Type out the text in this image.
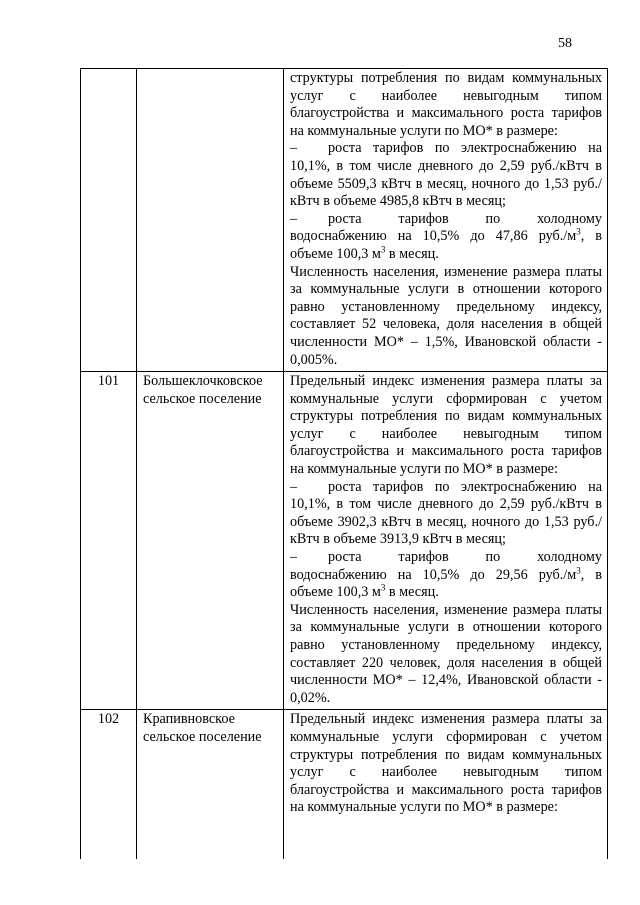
58

		структуры потребления по видам коммунальных услуг с наиболее невыгодным типом благоустройства и максимального роста тарифов на коммунальные услуги по МО* в размере:

– роста тарифов по электроснабжению на 10,1%, в том числе дневного до 2,59 руб./кВтч в объеме 5509,3 кВтч в месяц, ночного до 1,53 руб./кВтч в объеме 4985,8 кВтч в месяц;

– роста тарифов по холодному водоснабжению на 10,5% до 47,86 $руб./м^3$, в объеме 100,3 $м^3$ в месяц.

Численность населения, изменение размера платы за коммунальные услуги в отношении которого равно установленному предельному индексу, составляет 52 человека, доля населения в общей численности МО* – 1,5%, Ивановской области - 0,005%.

101	Большеклочковское сельское поселение	Предельный индекс изменения размера платы за коммунальные услуги сформирован с учетом структуры потребления по видам коммунальных услуг с наиболее невыгодным типом благоустройства и максимального роста тарифов на коммунальные услуги по МО* в размере:

– роста тарифов по электроснабжению на 10,1%, в том числе дневного до 2,59 руб./кВтч в объеме 3902,3 кВтч в месяц, ночного до 1,53 руб./кВтч в объеме 3913,9 кВтч в месяц;

– роста тарифов по холодному водоснабжению на 10,5% до 29,56 $руб./м^3$, в объеме 100,3 $м^3$ в месяц.

Численность населения, изменение размера платы за коммунальные услуги в отношении которого равно установленному предельному индексу, составляет 220 человек, доля населения в общей численности МО* – 12,4%, Ивановской области - 0,02%.

102	Крапивновское сельское поселение	Предельный индекс изменения размера платы за коммунальные услуги сформирован с учетом структуры потребления по видам коммунальных услуг с наиболее невыгодным типом благоустройства и максимального роста тарифов на коммунальные услуги по МО* в размере:
